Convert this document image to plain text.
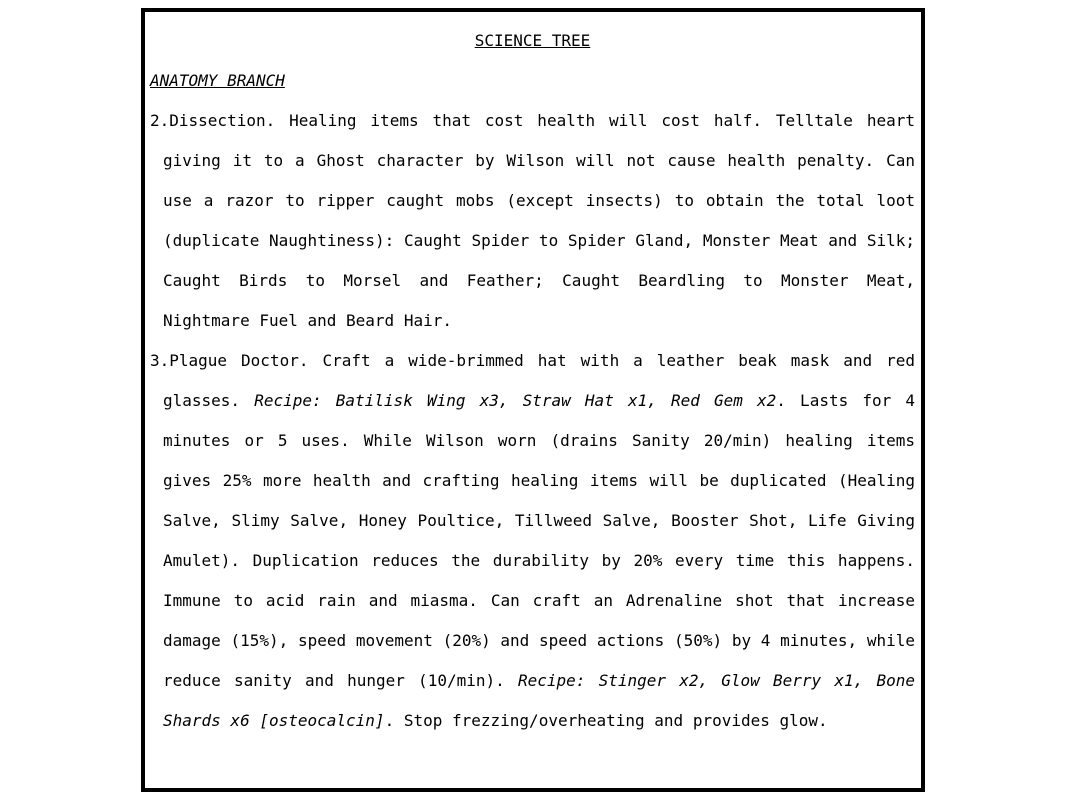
SCIENCE TREE
ANATOMY BRANCH

2.Dissection. Healing items that cost health will cost half. Telltale heart giving it to a Ghost character by Wilson will not cause health penalty. Can use a razor to ripper caught mobs (except insects) to obtain the total loot (duplicate Naughtiness): Caught Spider to Spider Gland, Monster Meat and Silk; Caught Birds to Morsel and Feather; Caught Beardling to Monster Meat, Nightmare Fuel and Beard Hair.

3.Plague Doctor. Craft a wide-brimmed hat with a leather beak mask and red glasses. Recipe: Batilisk Wing x3, Straw Hat x1, Red Gem x2. Lasts for 4 minutes or 5 uses. While Wilson worn (drains Sanity 20/min) healing items gives 25% more health and crafting healing items will be duplicated (Healing Salve, Slimy Salve, Honey Poultice, Tillweed Salve, Booster Shot, Life Giving Amulet). Duplication reduces the durability by 20% every time this happens. Immune to acid rain and miasma. Can craft an Adrenaline shot that increase damage (15%), speed movement (20%) and speed actions (50%) by 4 minutes, while reduce sanity and hunger (10/min). Recipe: Stinger x2, Glow Berry x1, Bone Shards x6 [osteocalcin]. Stop frezzing/overheating and provides glow.
